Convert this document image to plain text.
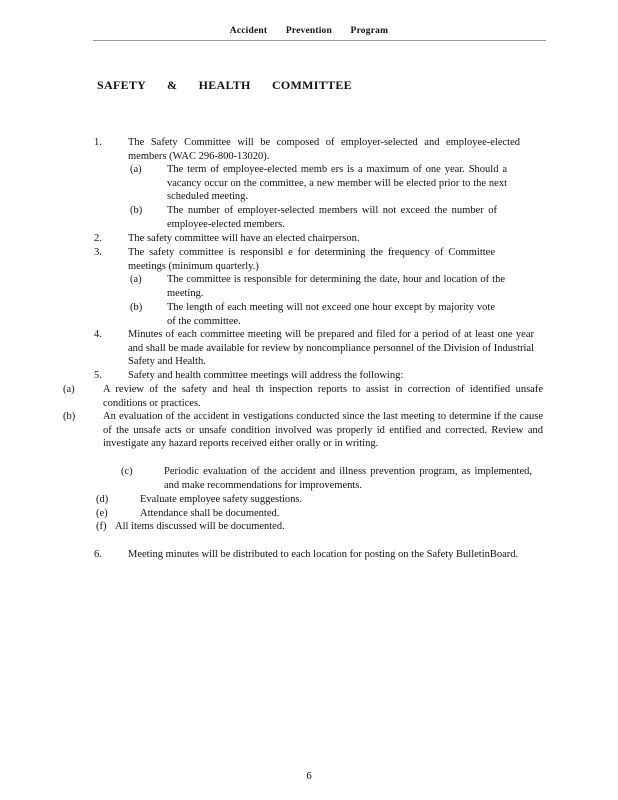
Accident Prevention Program
SAFETY & HEALTH COMMITTEE
1. The Safety Committee will be composed of employer-selected and employee-elected members (WAC 296-800-13020).

(a) The term of employee-elected memb ers is a maximum of one year. Should a vacancy occur on the committee, a new member will be elected prior to the next scheduled meeting.

(b) The number of employer-selected members will not exceed the number of employee-elected members.

2. The safety committee will have an elected chairperson.

3. The safety committee is responsibl e for determining the frequency of Committee meetings (minimum quarterly.)

(a) The committee is responsible for determining the date, hour and location of the meeting.

(b) The length of each meeting will not exceed one hour except by majority vote of the committee.

4. Minutes of each committee meeting will be prepared and filed for a period of at least one year and shall be made available for review by noncompliance personnel of the Division of Industrial Safety and Health.

5. Safety and health committee meetings will address the following:

(a)	A review of the safety and heal th inspection reports to assist in correction of identified unsafe conditions or practices.

(b)	An evaluation of the accident in vestigations conducted since the last meeting to determine if the cause of the unsafe acts or unsafe condition involved was properly id entified and corrected. Review and investigate any hazard reports received either orally or in writing.

(c)	Periodic evaluation of the accident and illness prevention program, as implemented, and make recommendations for improvements.

(d)	Evaluate employee safety suggestions.

(e)	Attendance shall be documented.

(f) All items discussed will be documented.

6. Meeting minutes will be distributed to each location for posting on the Safety BulletinBoard.

6
